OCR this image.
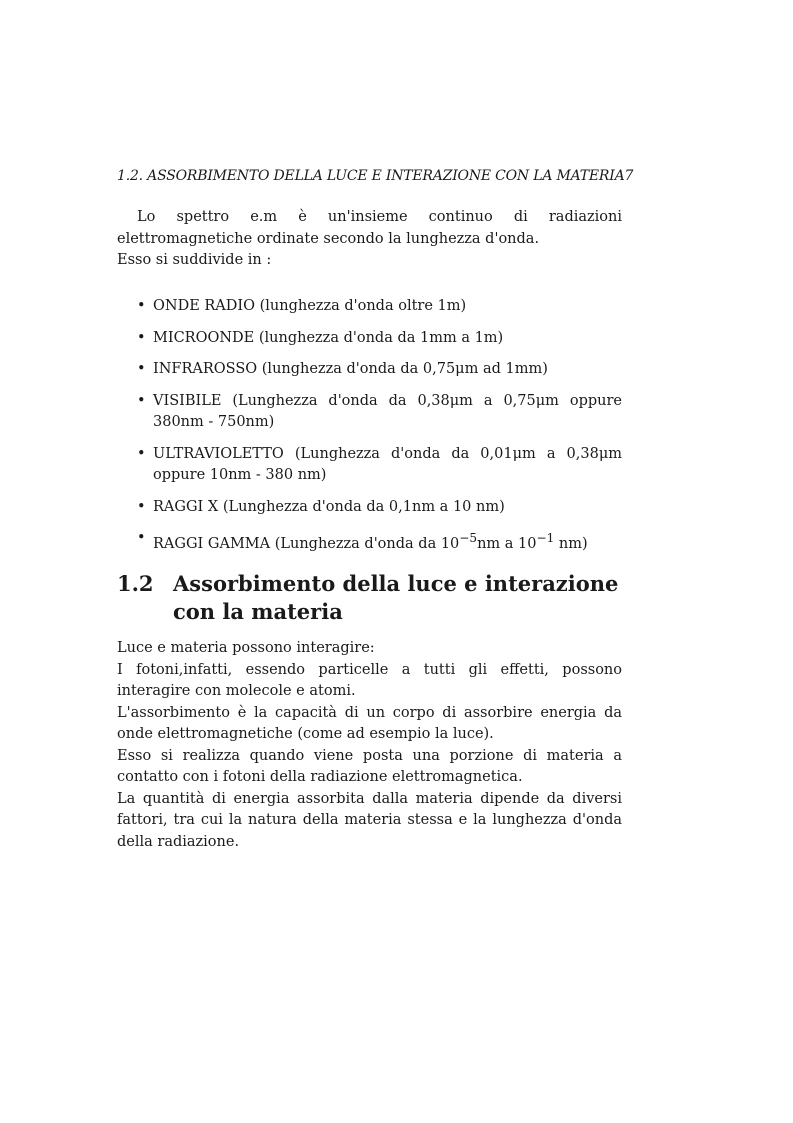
1.2. ASSORBIMENTO DELLA LUCE E INTERAZIONE CON LA MATERIA7

Lo spettro e.m è un'insieme continuo di radiazioni elettromagnetiche ordinate secondo la lunghezza d'onda.

Esso si suddivide in :

• ONDE RADIO (lunghezza d'onda oltre 1m)
• MICROONDE (lunghezza d'onda da 1mm a 1m)
• INFRAROSSO (lunghezza d'onda da 0,75μm ad 1mm)
• VISIBILE (Lunghezza d'onda da 0,38μm a 0,75μm oppure 380nm - 750nm)
• ULTRAVIOLETTO (Lunghezza d'onda da 0,01μm a 0,38μm oppure 10nm - 380 nm)
• RAGGI X (Lunghezza d'onda da 0,1nm a 10 nm)
• RAGGI GAMMA (Lunghezza d'onda da $10^{-5}nm$ a $10^{-1}$ nm)
1.2 Assorbimento della luce e interazione con la materia

Luce e materia possono interagire:

I fotoni,infatti, essendo particelle a tutti gli effetti, possono interagire con molecole e atomi.

L'assorbimento è la capacità di un corpo di assorbire energia da onde elettromagnetiche (come ad esempio la luce).

Esso si realizza quando viene posta una porzione di materia a contatto con i fotoni della radiazione elettromagnetica.

La quantità di energia assorbita dalla materia dipende da diversi fattori, tra cui la natura della materia stessa e la lunghezza d'onda della radiazione.
